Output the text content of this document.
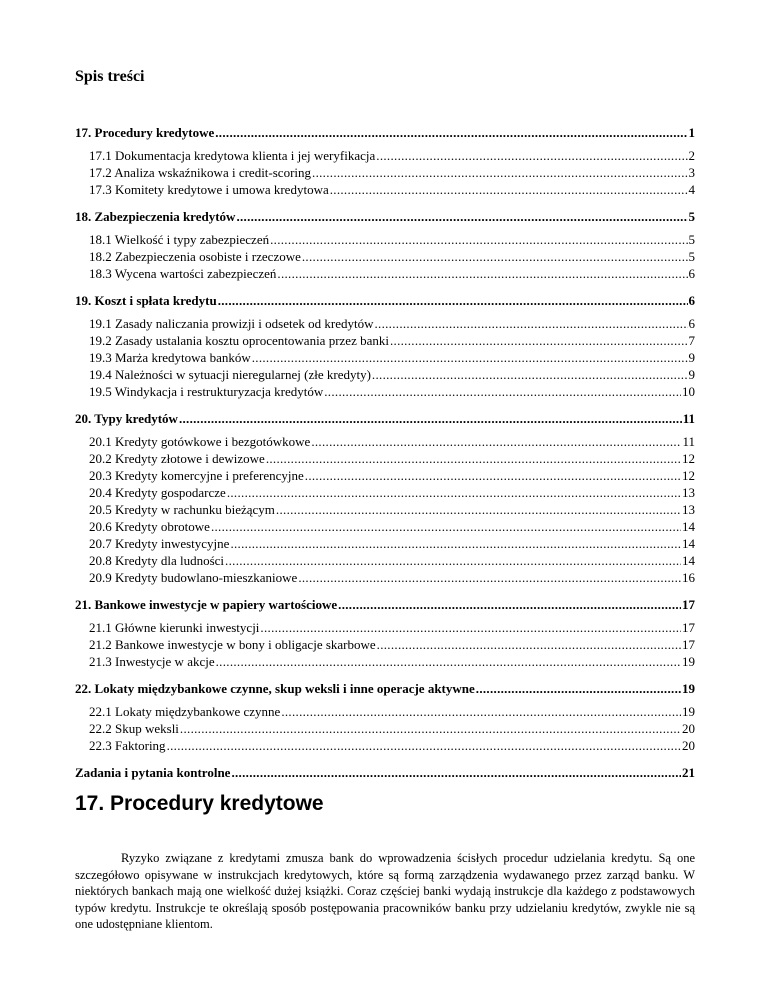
Spis treści
17. Procedury kredytowe .....	1
17.1 Dokumentacja kredytowa klienta i jej weryfikacja .....	2
17.2 Analiza wskaźnikowa i credit-scoring .....	3
17.3 Komitety kredytowe i umowa kredytowa .....	4
18. Zabezpieczenia kredytów .....	5
18.1 Wielkość i typy zabezpieczeń .....	5
18.2 Zabezpieczenia osobiste i rzeczowe .....	5
18.3 Wycena wartości zabezpieczeń .....	6
19. Koszt i spłata kredytu .....	6
19.1 Zasady naliczania prowizji i odsetek od kredytów .....	6
19.2 Zasady ustalania kosztu oprocentowania przez banki .....	7
19.3 Marża kredytowa banków .....	9
19.4 Należności w sytuacji nieregularnej (złe kredyty) .....	9
19.5 Windykacja i restrukturyzacja kredytów .....	10
20. Typy kredytów .....	11
20.1 Kredyty gotówkowe i bezgotówkowe .....	11
20.2 Kredyty złotowe i dewizowe .....	12
20.3 Kredyty komercyjne i preferencyjne .....	12
20.4 Kredyty gospodarcze .....	13
20.5 Kredyty w rachunku bieżącym .....	13
20.6 Kredyty obrotowe .....	14
20.7 Kredyty inwestycyjne .....	14
20.8 Kredyty dla ludności .....	14
20.9 Kredyty budowlano-mieszkaniowe .....	16
21. Bankowe inwestycje w papiery wartościowe .....	17
21.1 Główne kierunki inwestycji .....	17
21.2 Bankowe inwestycje w bony i obligacje skarbowe .....	17
21.3 Inwestycje w akcje .....	19
22. Lokaty międzybankowe czynne, skup weksli i inne operacje aktywne .....	19
22.1 Lokaty międzybankowe czynne .....	19
22.2 Skup weksli .....	20
22.3 Faktoring .....	20
Zadania i pytania kontrolne .....	21
17. Procedury kredytowe

Ryzyko związane z kredytami zmusza bank do wprowadzenia ścisłych procedur udzielania kredytu. Są one szczegółowo opisywane w instrukcjach kredytowych, które są formą zarządzenia wydawanego przez zarząd banku. W niektórych bankach mają one wielkość dużej książki. Coraz częściej banki wydają instrukcje dla każdego z podstawowych typów kredytu. Instrukcje te określają sposób postępowania pracowników banku przy udzielaniu kredytów, zwykle nie są one udostępniane klientom.
